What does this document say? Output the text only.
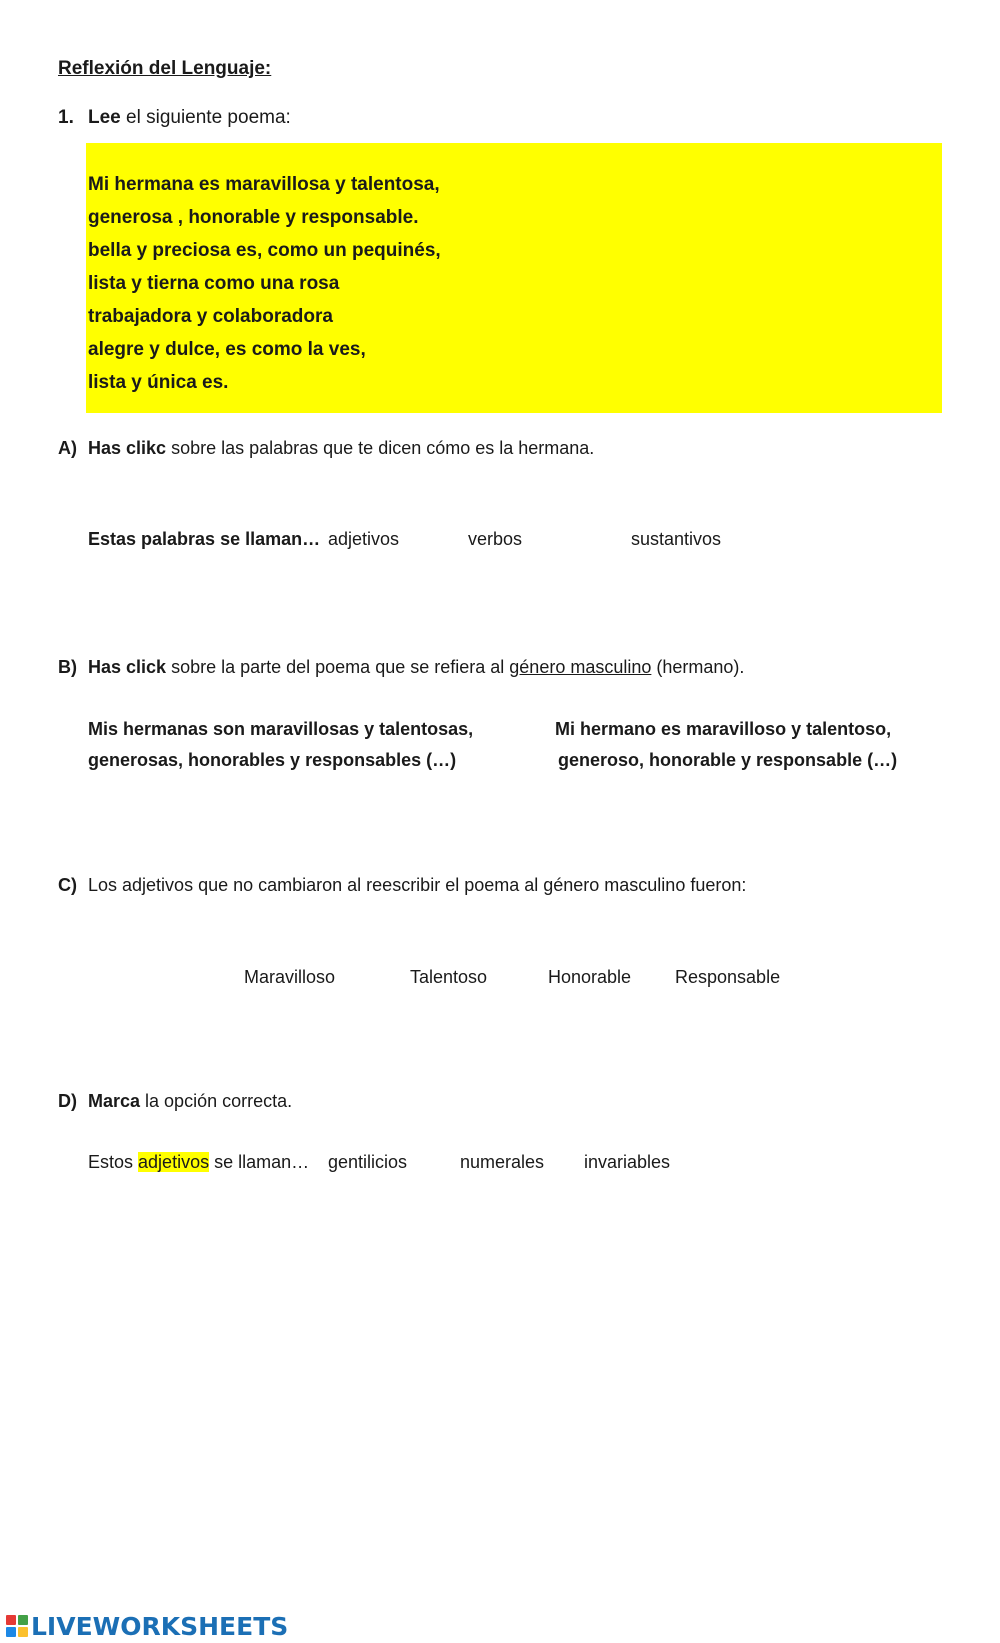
Reflexión del Lenguaje:
1. Lee el siguiente poema:
Mi hermana es maravillosa y talentosa,
generosa , honorable y responsable.
bella y preciosa es, como un pequinés,
lista y tierna como una rosa
trabajadora y colaboradora
alegre y dulce, es como la ves,
lista y única es.
A) Has clikc sobre las palabras que te dicen cómo es la hermana.
Estas palabras se llaman… adjetivos	verbos	sustantivos
B) Has click sobre la parte del poema que se refiera al género masculino (hermano).
Mis hermanas son maravillosas y talentosas,
generosas, honorables y responsables (…)
Mi hermano es maravilloso y talentoso,
generoso, honorable y responsable (…)
C) Los adjetivos que no cambiaron al reescribir el poema al género masculino fueron:
Maravilloso	Talentoso	Honorable Responsable
D) Marca la opción correcta.
Estos adjetivos se llaman… gentilicios	numerales invariables
LIVEWORKSHEETS
